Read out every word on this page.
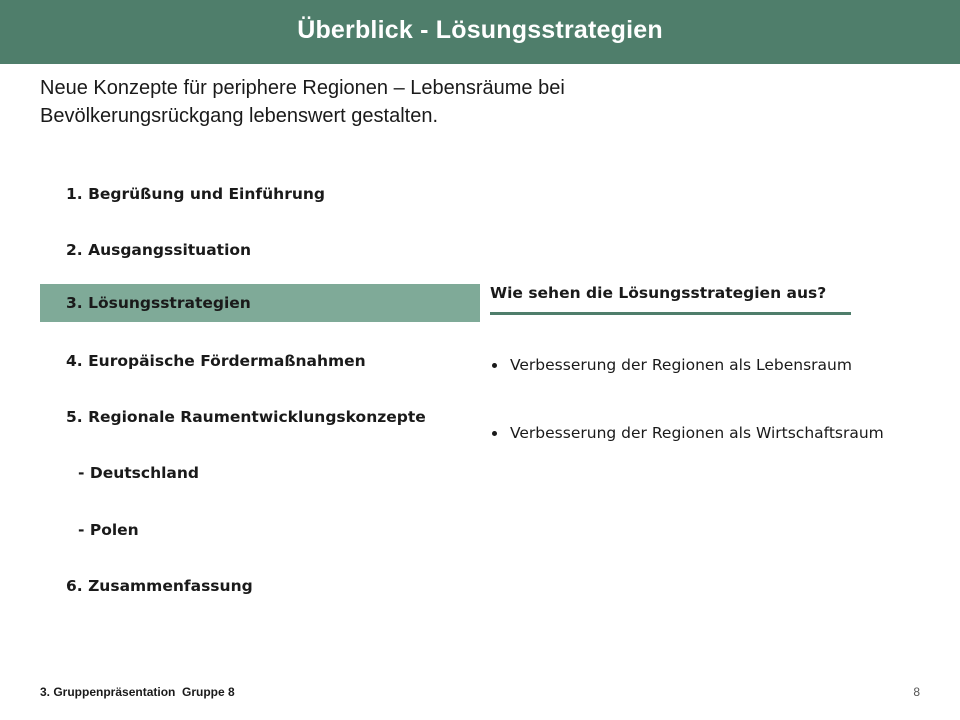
Überblick - Lösungsstrategien
Neue Konzepte für periphere Regionen – Lebensräume bei Bevölkerungsrückgang lebenswert gestalten.
1. Begrüßung und Einführung
2. Ausgangssituation
3. Lösungsstrategien
4. Europäische Fördermaßnahmen
5. Regionale Raumentwicklungskonzepte
- Deutschland
- Polen
6. Zusammenfassung
Wie sehen die Lösungsstrategien aus?
Verbesserung der Regionen als Lebensraum
Verbesserung der Regionen als Wirtschaftsraum
3. Gruppenpräsentation  Gruppe 8	8
